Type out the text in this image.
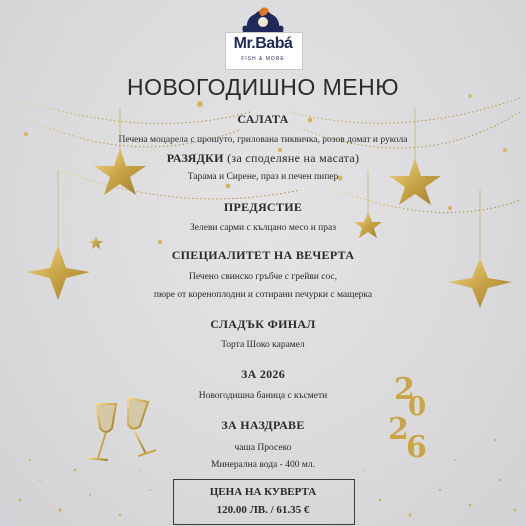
2
0
2
6
Mr.Babá
FISH & MORE
НОВОГОДИШНО МЕНЮ
САЛАТА
Печена моцарела с прошуто, грилована тиквичка, розов домат и рукола
РАЗЯДКИ (за споделяне на масата)
Тарама и Сирене, праз и печен пипер
ПРЕДЯСТИЕ
Зелеви сарми с кълцано месо и праз
СПЕЦИАЛИТЕТ НА ВЕЧЕРТА
Печено свинско гръбче с грейви сос,
пюре от кореноплодни и сотирани печурки с мащерка
СЛАДЪК ФИНАЛ
Торта Шоко карамел
ЗА 2026
Новогодишна баница с късмети
ЗА НАЗДРАВЕ
чаша Просеко
Минерална вода - 400 мл.
ЦЕНА НА КУВЕРТА
120.00 ЛВ. / 61.35 €
